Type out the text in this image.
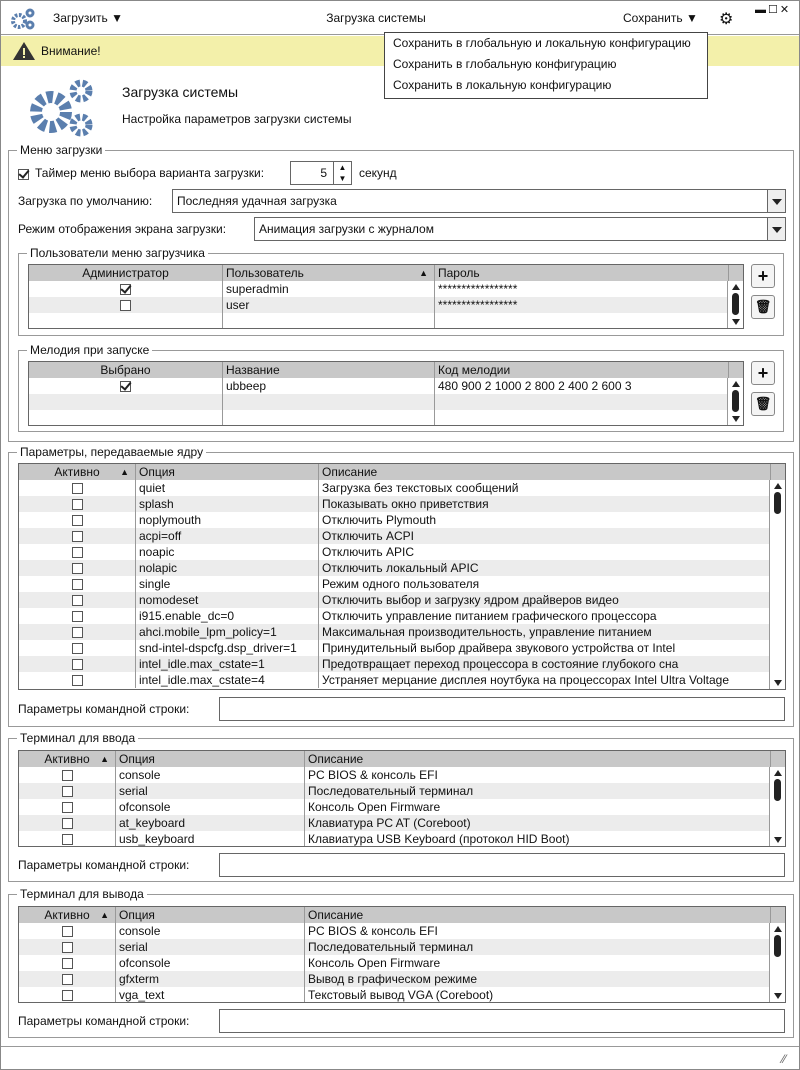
Загрузить ▼	Загрузка системы	Сохранить ▼ ⚙
▬☐✕
Сохранить в глобальную и локальную конфигурацию
Сохранить в глобальную конфигурацию
Сохранить в локальную конфигурацию
Внимание!
Загрузка системы
Настройка параметров загрузки системы
Меню загрузки
Таймер меню выбора варианта загрузки:	5	▲
▼	секунд
Загрузка по умолчанию:	Последняя удачная загрузка
Режим отображения экрана загрузки:	Анимация загрузки с журналом
Пользователи меню загрузчика
Администратор	Пользователь	▲ Пароль
superadmin	*****************
user	*****************
+
🗑
Мелодия при запуске
Выбрано	Название	Код мелодии
ubbeep	480 900 2 1000 2 800 2 400 2 600 3
+
🗑
Параметры, передаваемые ядру
Активно ▲ Опция	Описание
quiet	Загрузка без текстовых сообщений
splash	Показывать окно приветствия
noplymouth	Отключить Plymouth
acpi=off	Отключить ACPI
noapic	Отключить APIC
nolapic	Отключить локальный APIC
single	Режим одного пользователя
nomodeset	Отключить выбор и загрузку ядром драйверов видео
i915.enable_dc=0	Отключить управление питанием графического процессора
ahci.mobile_lpm_policy=1	Максимальная производительность, управление питанием
snd-intel-dspcfg.dsp_driver=1	Принудительный выбор драйвера звукового устройства от Intel
intel_idle.max_cstate=1	Предотвращает переход процессора в состояние глубокого сна
intel_idle.max_cstate=4	Устраняет мерцание дисплея ноутбука на процессорах Intel Ultra Voltage
Параметры командной строки:
Терминал для ввода
Активно ▲ Опция	Описание
console	PC BIOS & консоль EFI
serial	Последовательный терминал
ofconsole	Консоль Open Firmware
at_keyboard	Клавиатура PC AT (Coreboot)
usb_keyboard	Клавиатура USB Keyboard (протокол HID Boot)
Параметры командной строки:
Терминал для вывода
Активно ▲ Опция	Описание
console	PC BIOS & консоль EFI
serial	Последовательный терминал
ofconsole	Консоль Open Firmware
gfxterm	Вывод в графическом режиме
vga_text	Текстовый вывод VGA (Coreboot)
Параметры командной строки:
⁄⁄
